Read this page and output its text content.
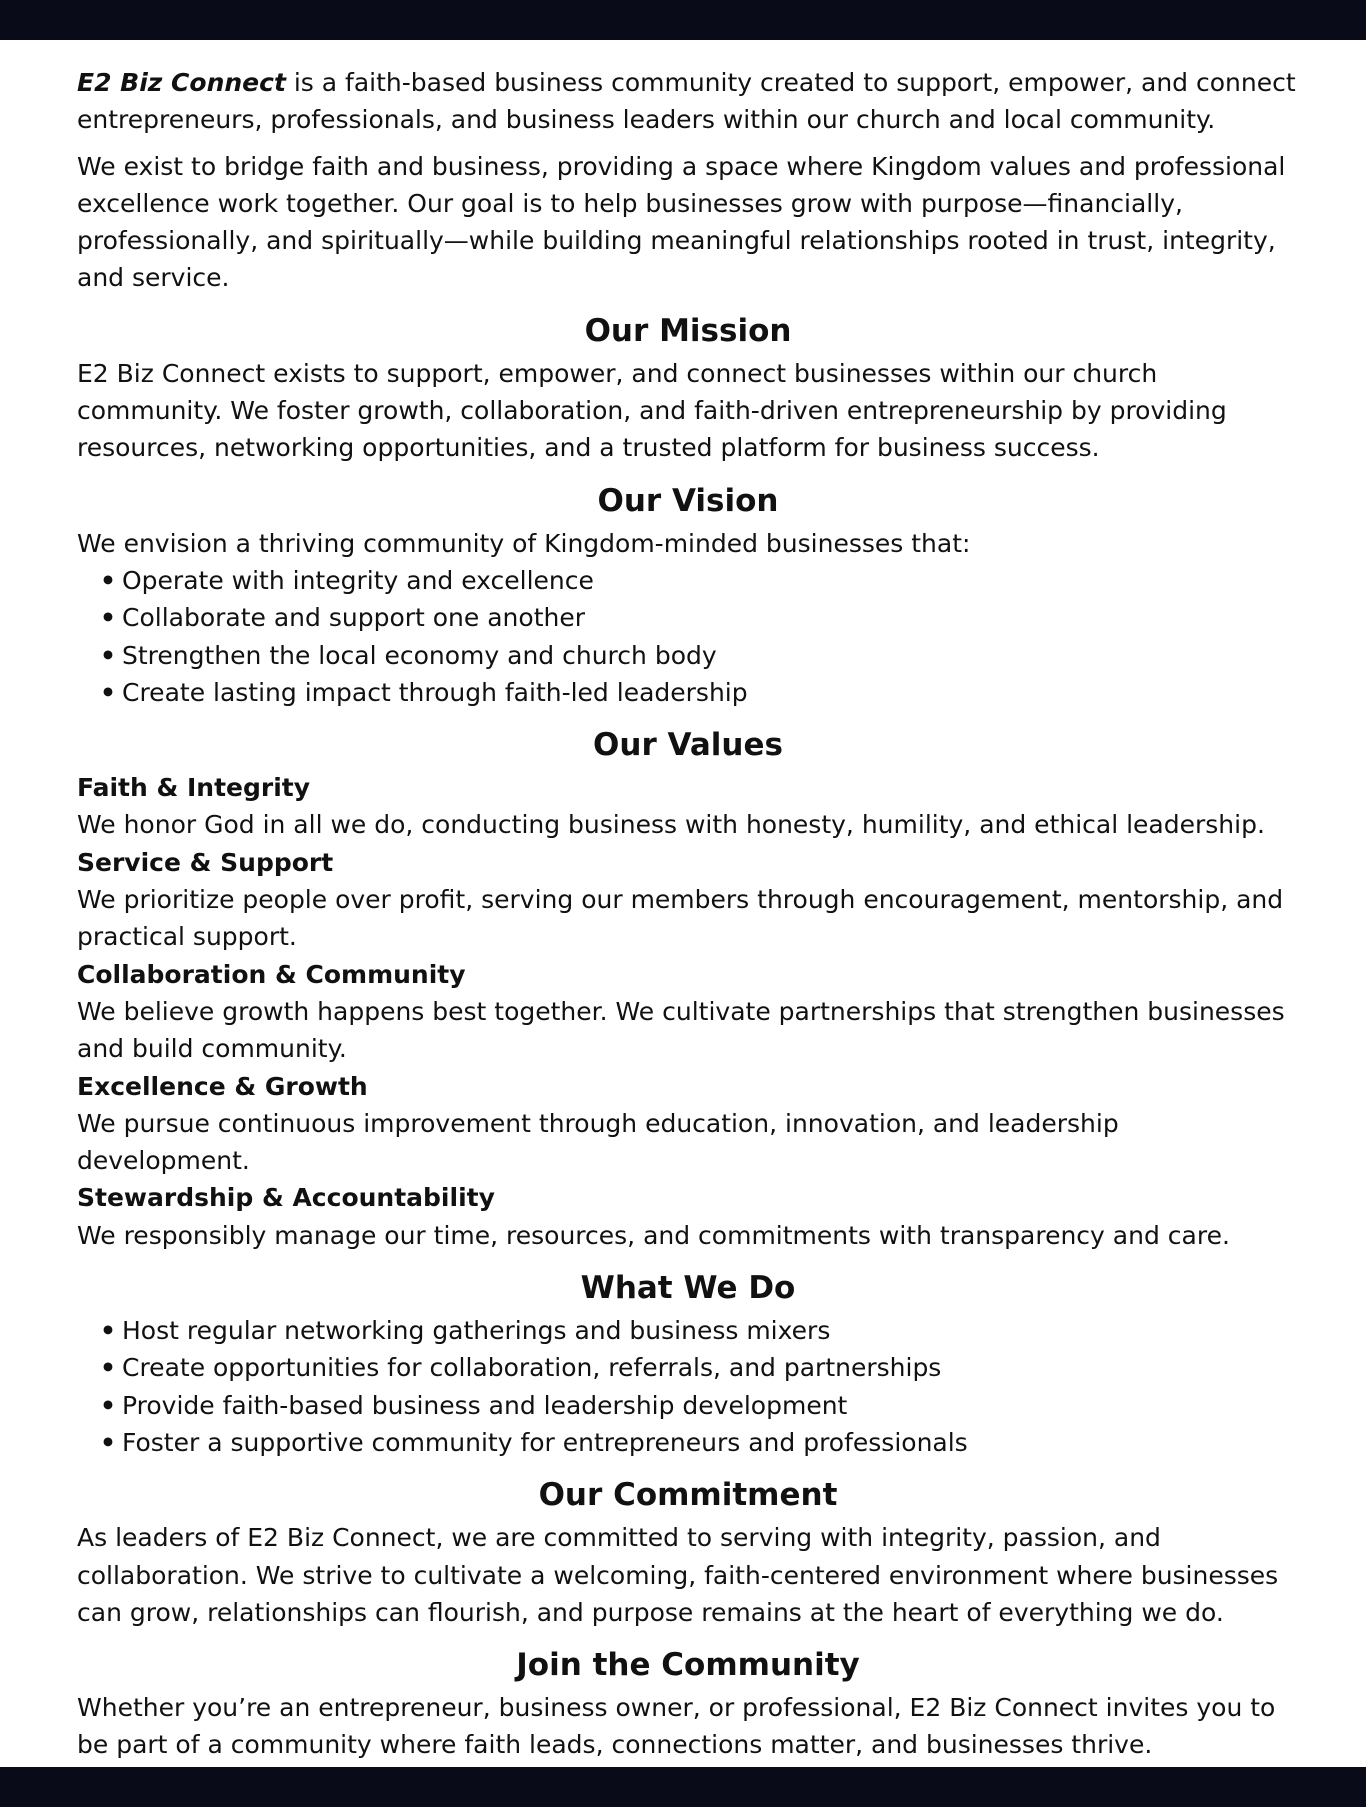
E2 Biz Connect is a faith-based business community created to support, empower, and connect entrepreneurs, professionals, and business leaders within our church and local community.

We exist to bridge faith and business, providing a space where Kingdom values and professional excellence work together. Our goal is to help businesses grow with purpose—financially, professionally, and spiritually—while building meaningful relationships rooted in trust, integrity, and service.

Our Mission

E2 Biz Connect exists to support, empower, and connect businesses within our church community. We foster growth, collaboration, and faith-driven entrepreneurship by providing resources, networking opportunities, and a trusted platform for business success.

Our Vision

We envision a thriving community of Kingdom-minded businesses that:

• Operate with integrity and excellence
• Collaborate and support one another
• Strengthen the local economy and church body
• Create lasting impact through faith-led leadership
Our Values
Faith & Integrity

We honor God in all we do, conducting business with honesty, humility, and ethical leadership.

Service & Support

We prioritize people over profit, serving our members through encouragement, mentorship, and practical support.

Collaboration & Community

We believe growth happens best together. We cultivate partnerships that strengthen businesses and build community.

Excellence & Growth

We pursue continuous improvement through education, innovation, and leadership development.

Stewardship & Accountability

We responsibly manage our time, resources, and commitments with transparency and care.

What We Do
• Host regular networking gatherings and business mixers
• Create opportunities for collaboration, referrals, and partnerships
• Provide faith-based business and leadership development
• Foster a supportive community for entrepreneurs and professionals
Our Commitment

As leaders of E2 Biz Connect, we are committed to serving with integrity, passion, and collaboration. We strive to cultivate a welcoming, faith-centered environment where businesses can grow, relationships can flourish, and purpose remains at the heart of everything we do.

Join the Community

Whether you’re an entrepreneur, business owner, or professional, E2 Biz Connect invites you to be part of a community where faith leads, connections matter, and businesses thrive.
